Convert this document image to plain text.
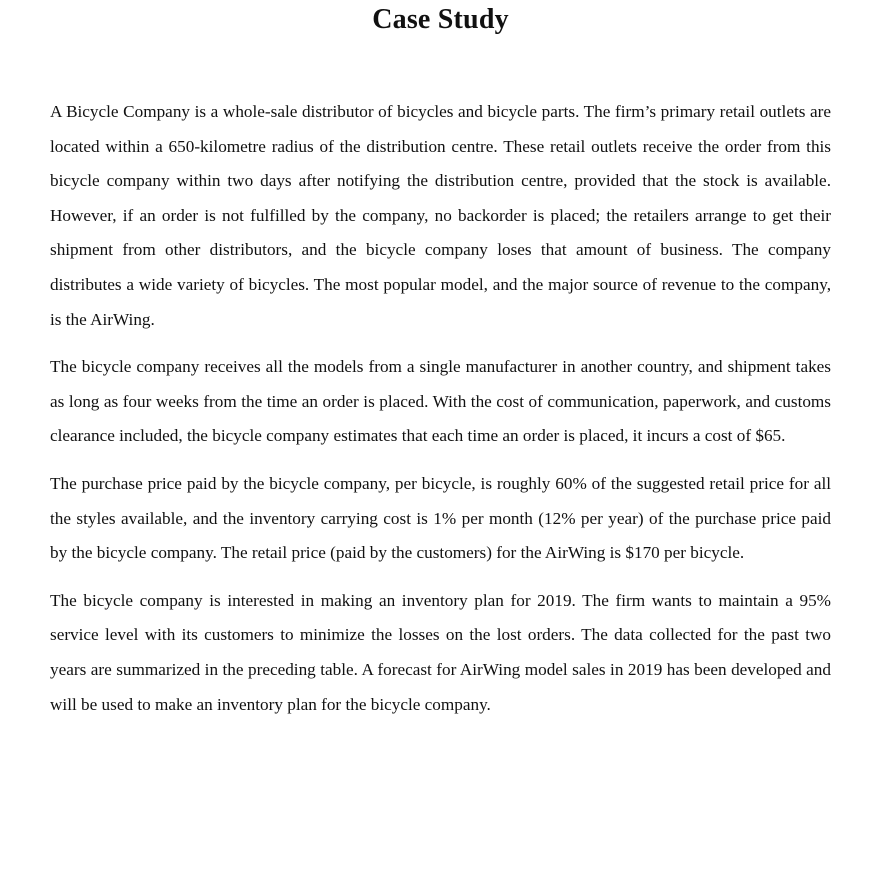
Case Study

A Bicycle Company is a whole-sale distributor of bicycles and bicycle parts. The firm’s primary retail outlets are located within a 650-kilometre radius of the distribution centre. These retail outlets receive the order from this bicycle company within two days after notifying the distribution centre, provided that the stock is available. However, if an order is not fulfilled by the company, no backorder is placed; the retailers arrange to get their shipment from other distributors, and the bicycle company loses that amount of business. The company distributes a wide variety of bicycles. The most popular model, and the major source of revenue to the company, is the AirWing.

The bicycle company receives all the models from a single manufacturer in another country, and shipment takes as long as four weeks from the time an order is placed. With the cost of communication, paperwork, and customs clearance included, the bicycle company estimates that each time an order is placed, it incurs a cost of $65.

The purchase price paid by the bicycle company, per bicycle, is roughly 60% of the suggested retail price for all the styles available, and the inventory carrying cost is 1% per month (12% per year) of the purchase price paid by the bicycle company. The retail price (paid by the customers) for the AirWing is $170 per bicycle.

The bicycle company is interested in making an inventory plan for 2019. The firm wants to maintain a 95% service level with its customers to minimize the losses on the lost orders. The data collected for the past two years are summarized in the preceding table. A forecast for AirWing model sales in 2019 has been developed and will be used to make an inventory plan for the bicycle company.
